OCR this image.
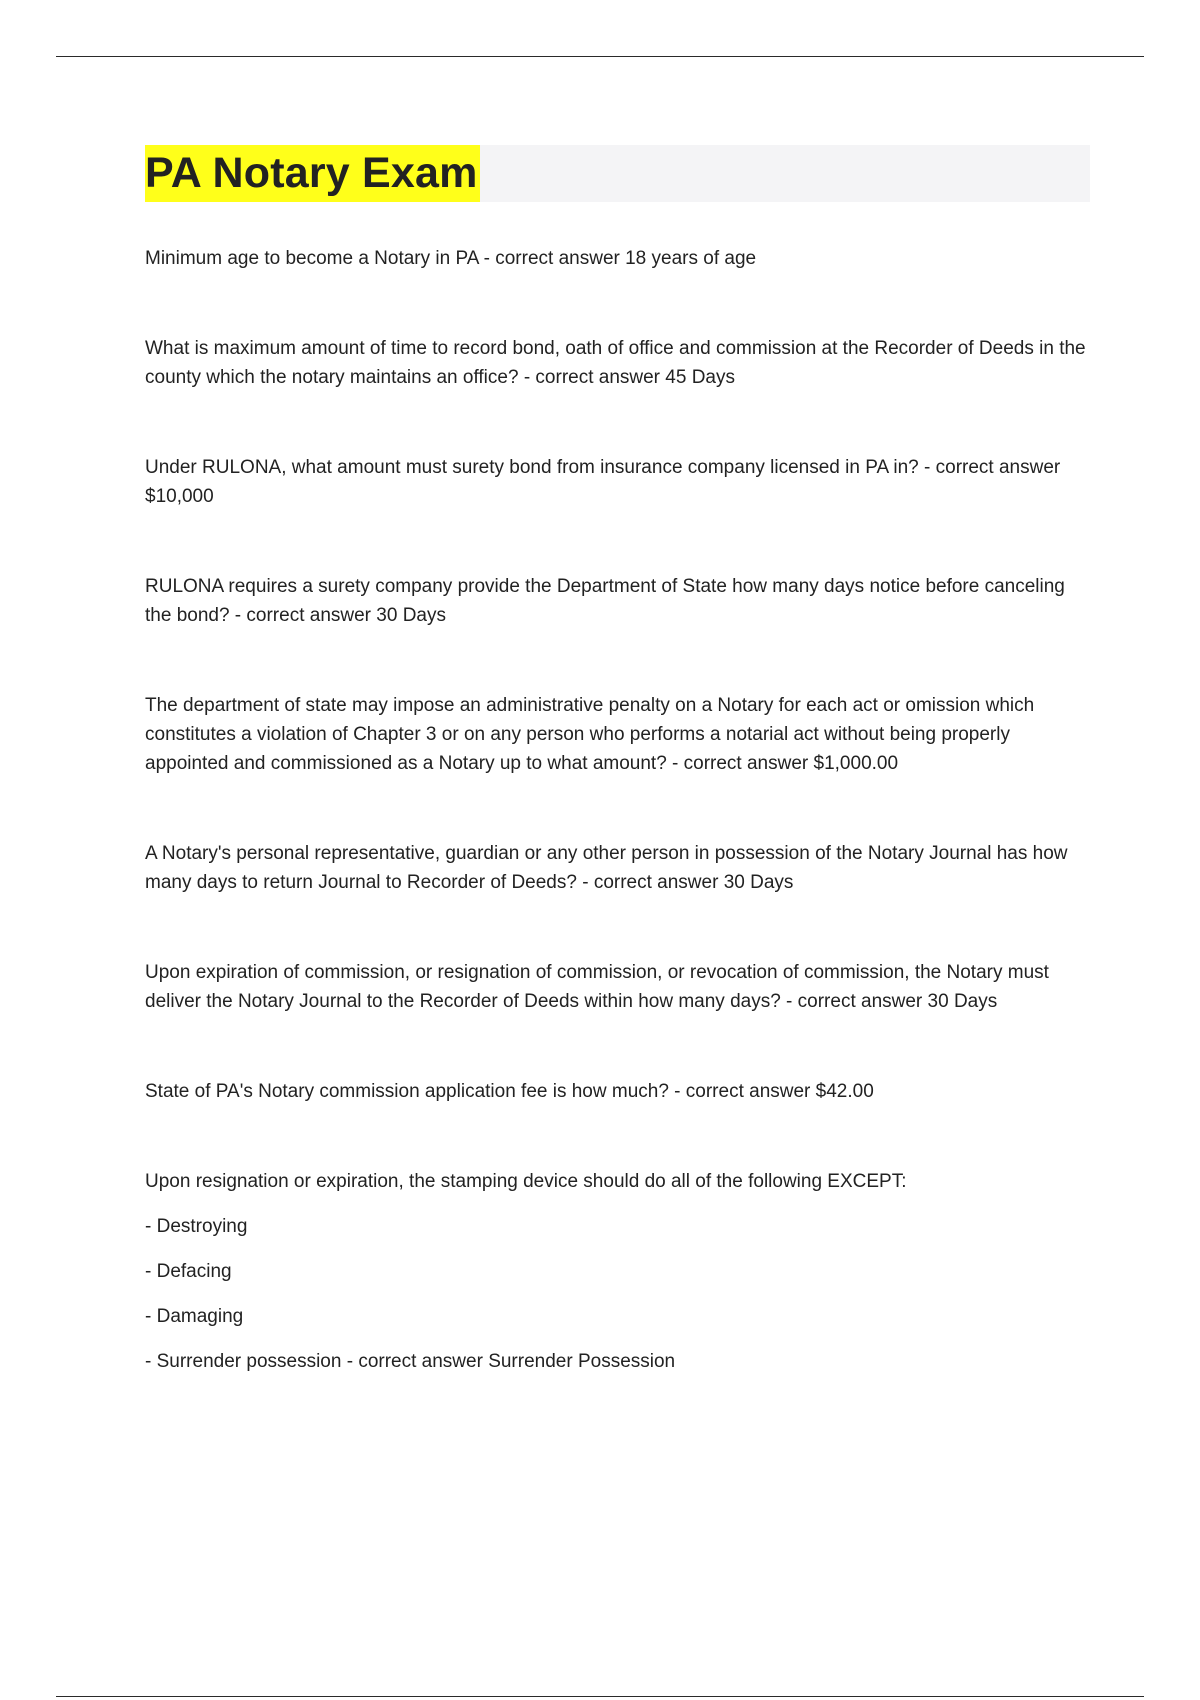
PA Notary Exam

Minimum age to become a Notary in PA - correct answer 18 years of age

What is maximum amount of time to record bond, oath of office and commission at the Recorder of Deeds in the county which the notary maintains an office? - correct answer 45 Days

Under RULONA, what amount must surety bond from insurance company licensed in PA in? - correct answer $10,000

RULONA requires a surety company provide the Department of State how many days notice before canceling the bond? - correct answer 30 Days

The department of state may impose an administrative penalty on a Notary for each act or omission which constitutes a violation of Chapter 3 or on any person who performs a notarial act without being properly appointed and commissioned as a Notary up to what amount? - correct answer $1,000.00

A Notary's personal representative, guardian or any other person in possession of the Notary Journal has how many days to return Journal to Recorder of Deeds? - correct answer 30 Days

Upon expiration of commission, or resignation of commission, or revocation of commission, the Notary must deliver the Notary Journal to the Recorder of Deeds within how many days? - correct answer 30 Days

State of PA's Notary commission application fee is how much? - correct answer $42.00

Upon resignation or expiration, the stamping device should do all of the following EXCEPT:
- Destroying
- Defacing
- Damaging
- Surrender possession - correct answer Surrender Possession
